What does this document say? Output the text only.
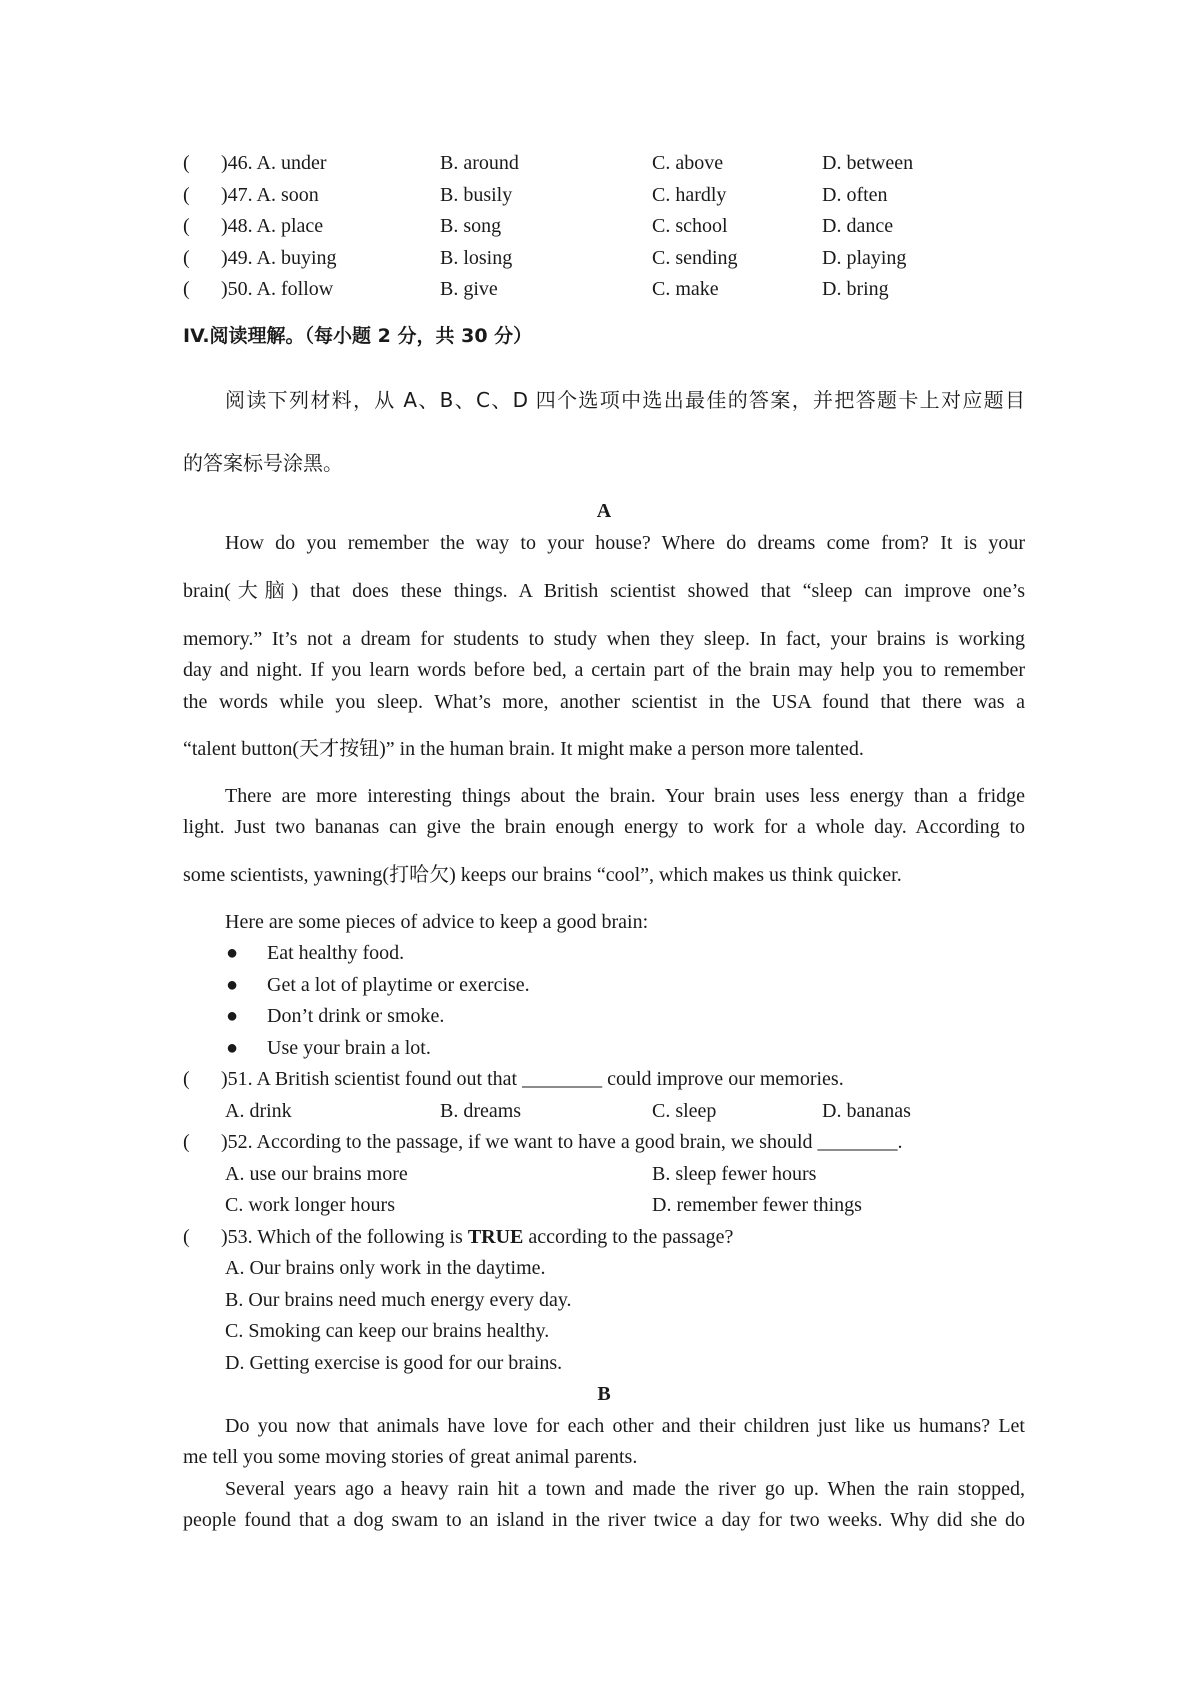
( )46. A. under	B. around	C. above	D. between
( )47. A. soon	B. busily	C. hardly	D. often
( )48. A. place	B. song	C. school	D. dance
( )49. A. buying	B. losing	C. sending	D. playing
( )50. A. follow	B. give	C. make	D. bring
IV.阅读理解。（每小题 2 分，共 30 分）
阅读下列材料，从 A、B、C、D 四个选项中选出最佳的答案，并把答题卡上对应题目
的答案标号涂黑。
A
How do you remember the way to your house? Where do dreams come from? It is your
brain(大脑) that does these things. A British scientist showed that “sleep can improve one’s
memory.” It’s not a dream for students to study when they sleep. In fact, your brains is working
day and night. If you learn words before bed, a certain part of the brain may help you to remember
the words while you sleep. What’s more, another scientist in the USA found that there was a
“talent button(天才按钮)” in the human brain. It might make a person more talented.
There are more interesting things about the brain. Your brain uses less energy than a fridge
light. Just two bananas can give the brain enough energy to work for a whole day. According to
some scientists, yawning(打哈欠) keeps our brains “cool”, which makes us think quicker.
Here are some pieces of advice to keep a good brain:
● Eat healthy food.
● Get a lot of playtime or exercise.
● Don’t drink or smoke.
● Use your brain a lot.
( )51. A British scientist found out that ________ could improve our memories.
A. drink	B. dreams	C. sleep	D. bananas
( )52. According to the passage, if we want to have a good brain, we should ________.
A. use our brains more	B. sleep fewer hours
C. work longer hours	D. remember fewer things
( )53. Which of the following is TRUE according to the passage?
A. Our brains only work in the daytime.
B. Our brains need much energy every day.
C. Smoking can keep our brains healthy.
D. Getting exercise is good for our brains.
B
Do you now that animals have love for each other and their children just like us humans? Let
me tell you some moving stories of great animal parents.
Several years ago a heavy rain hit a town and made the river go up. When the rain stopped,
people found that a dog swam to an island in the river twice a day for two weeks. Why did she do
